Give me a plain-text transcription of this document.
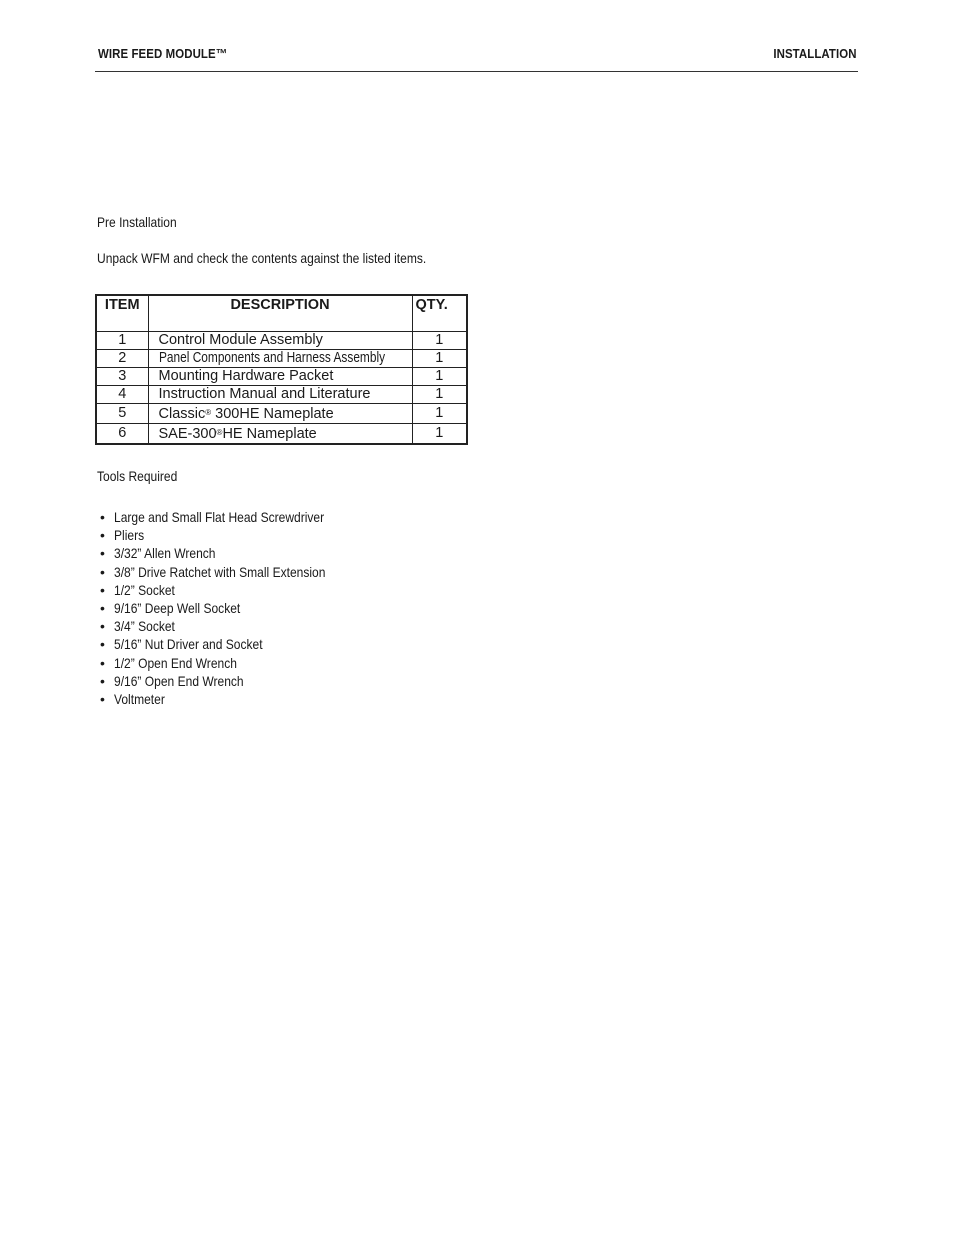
WIRE FEED MODULE™	INSTALLATION
Pre Installation
Unpack WFM and check the contents against the listed items.
ITEM	DESCRIPTION	QTY.
1	Control Module Assembly	1
2	Panel Components and Harness Assembly	1
3	Mounting Hardware Packet	1
4	Instruction Manual and Literature	1
5	Classic® 300HE Nameplate	1
6	SAE-300®HE Nameplate	1
Tools Required
• Large and Small Flat Head Screwdriver
• Pliers
• 3/32” Allen Wrench
• 3/8” Drive Ratchet with Small Extension
• 1/2” Socket
• 9/16” Deep Well Socket
• 3/4” Socket
• 5/16” Nut Driver and Socket
• 1/2” Open End Wrench
• 9/16” Open End Wrench
• Voltmeter
